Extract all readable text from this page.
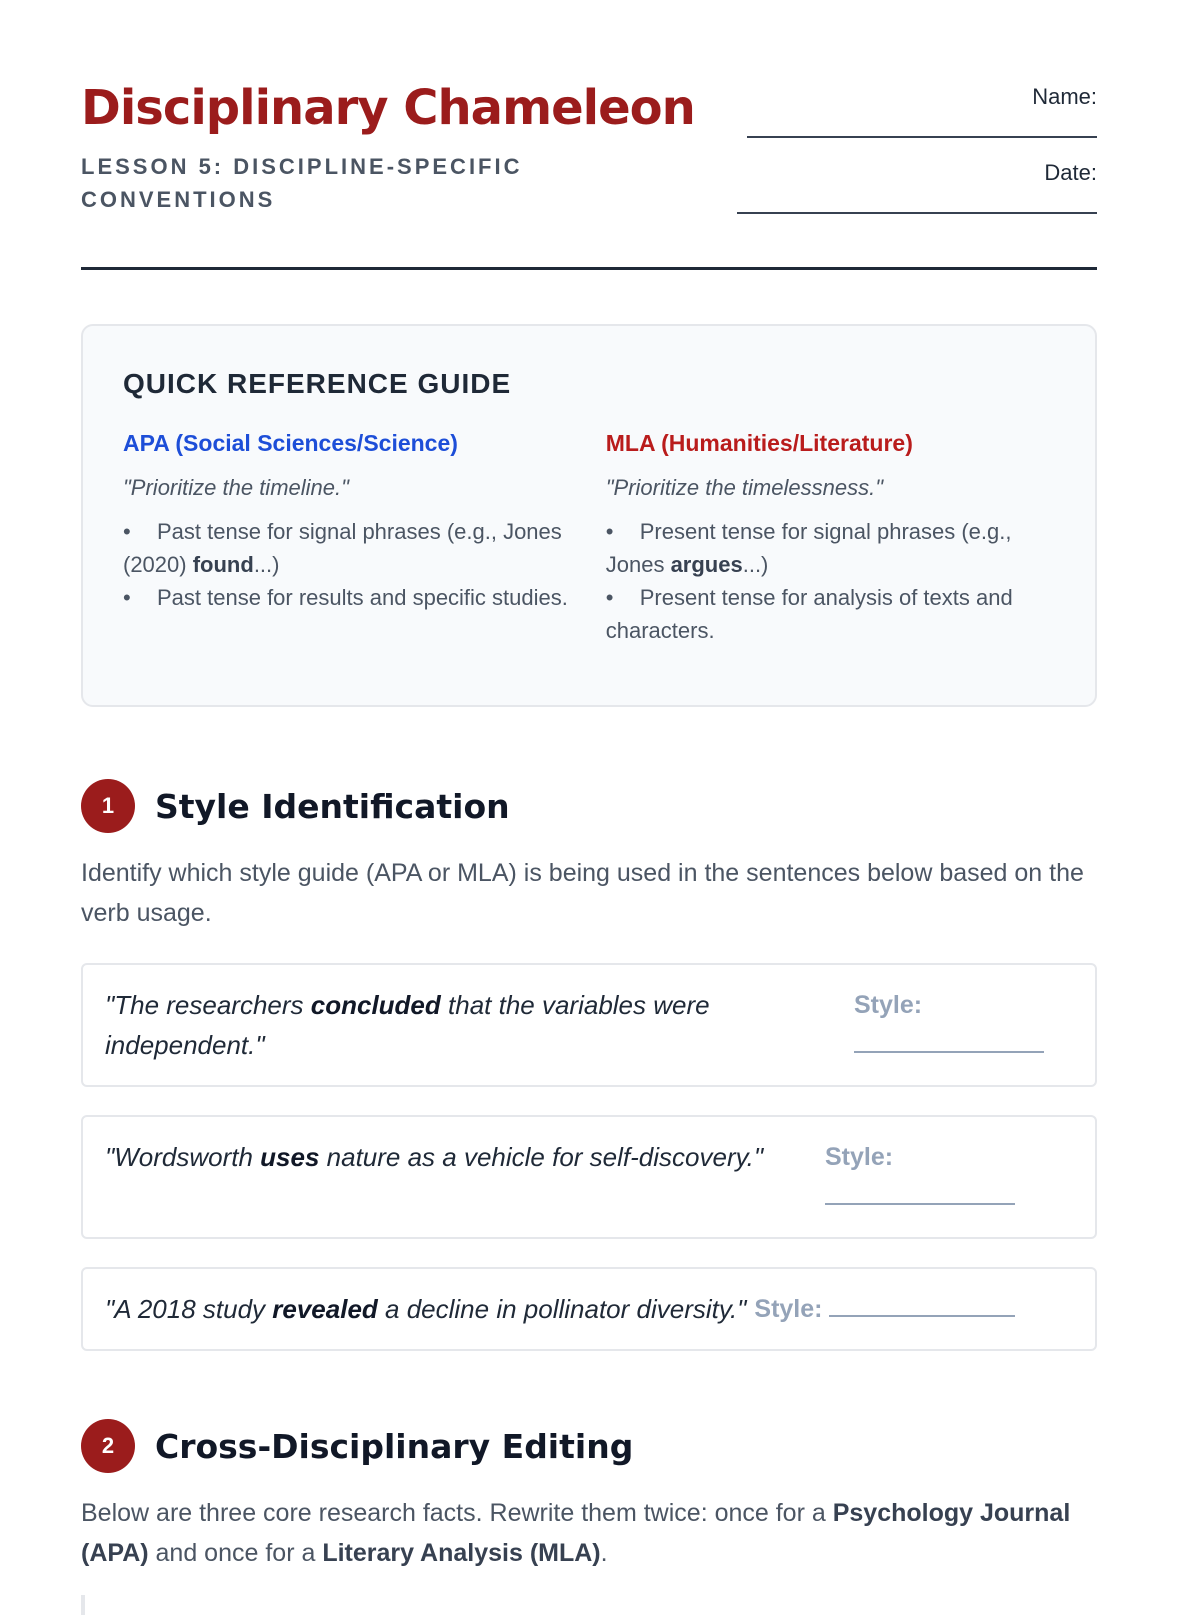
Disciplinary Chameleon
LESSON 5: DISCIPLINE-SPECIFIC CONVENTIONS
Name:
Date:
QUICK REFERENCE GUIDE
APA (Social Sciences/Science)
"Prioritize the timeline."
• Past tense for signal phrases (e.g., Jones (2020) found...)
• Past tense for results and specific studies.
MLA (Humanities/Literature)
"Prioritize the timelessness."
• Present tense for signal phrases (e.g., Jones argues...)
• Present tense for analysis of texts and characters.
1	Style Identification
Identify which style guide (APA or MLA) is being used in the sentences below based on the verb usage.
"The researchers concluded that the variables were independent."
Style:

"Wordsworth uses nature as a vehicle for self-discovery."	Style:

"A 2018 study revealed a decline in pollinator diversity." Style:
2	Cross-Disciplinary Editing
Below are three core research facts. Rewrite them twice: once for a Psychology Journal (APA) and once for a Literary Analysis (MLA).
